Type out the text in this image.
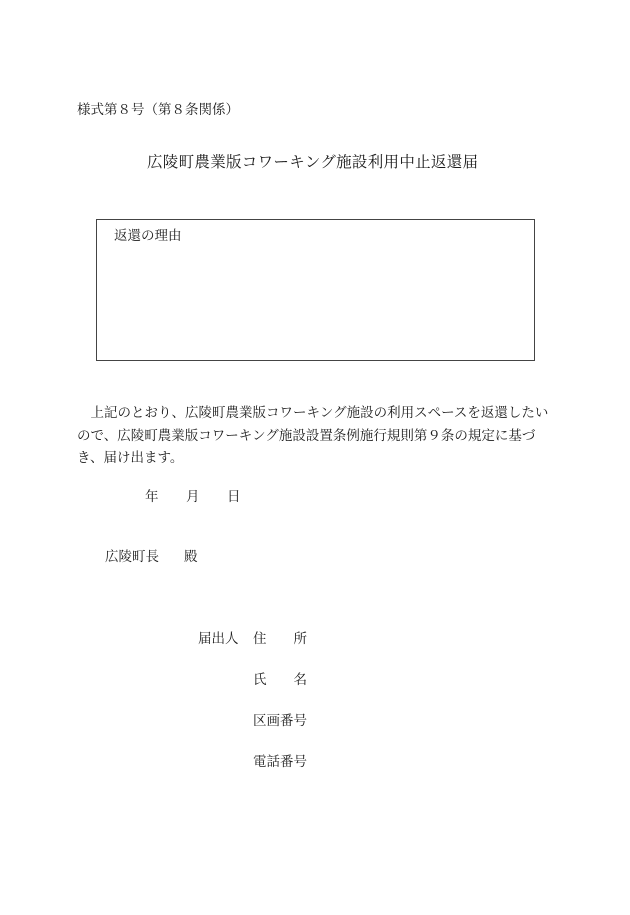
様式第８号（第８条関係）
広陵町農業版コワーキング施設利用中止返還届
返還の理由

上記のとおり、広陵町農業版コワーキング施設の利用スペースを返還したいので、広陵町農業版コワーキング施設設置条例施行規則第９条の規定に基づき、届け出ます。

年 月 日
広陵町長 殿
届出人 住　　所
氏　　名
区画番号
電話番号
